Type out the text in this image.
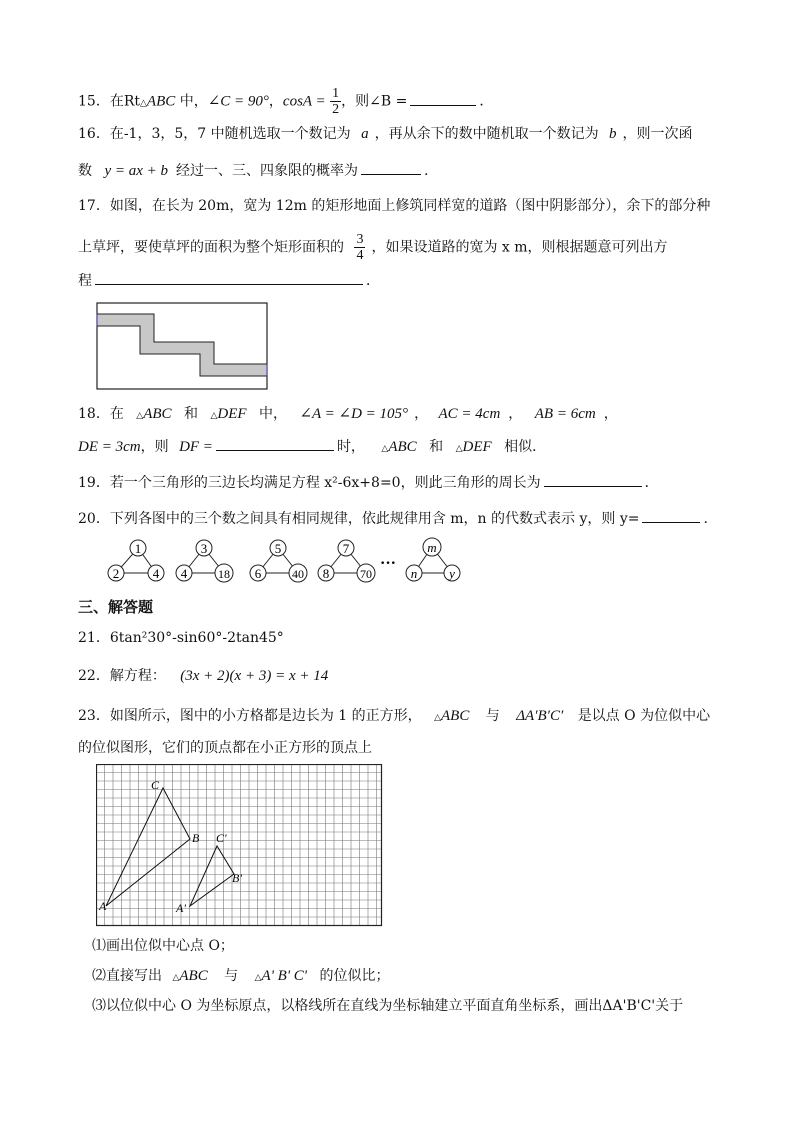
15．在Rt△ABC 中，∠C = 90°，$\cos A = \frac{1}{2}$ ，则∠B =	．
16．在-1，3，5，7 中随机选取一个数记为 a ，再从余下的数中随机取一个数记为 b ，则一次函
数 y = ax + b 经过一、三、四象限的概率为	.
17．如图，在长为 20m，宽为 12m 的矩形地面上修筑同样宽的道路（图中阴影部分），余下的部分种
上草坪，要使草坪的面积为整个矩形面积的 $\frac{3}{4}$ ，如果设道路的宽为 x m，则根据题意可列出方
程	．
18．在 △ABC 和 △DEF 中， ∠A = ∠D = 105° ， AC = 4cm ， AB = 6cm ，
DE = 3cm，则 DF =	时， △ABC 和 △DEF 相似．
19．若一个三角形的三边长均满足方程 x²-6x+8=0，则此三角形的周长为	．
20．下列各图中的三个数之间具有相同规律，依此规律用含 m，n 的代数式表示 y，则 y=	.
1
2	4
3
4	18
5
6	40
7
8	70
···
m
n y
三、解答题
21．6tan²30°-sin60°-2tan45°
22．解方程： (3x + 2)(x + 3) = x + 14
23．如图所示，图中的小方格都是边长为 1 的正方形， △ABC 与 ΔA′B′C′ 是以点 O 为位似中心
的位似图形，它们的顶点都在小正方形的顶点上
A
C
B
A'
C'
B'
⑴画出位似中心点 O；
⑵直接写出 △ABC 与 △A' B' C' 的位似比；
⑶以位似中心 O 为坐标原点，以格线所在直线为坐标轴建立平面直角坐标系，画出ΔA'B'C'关于
